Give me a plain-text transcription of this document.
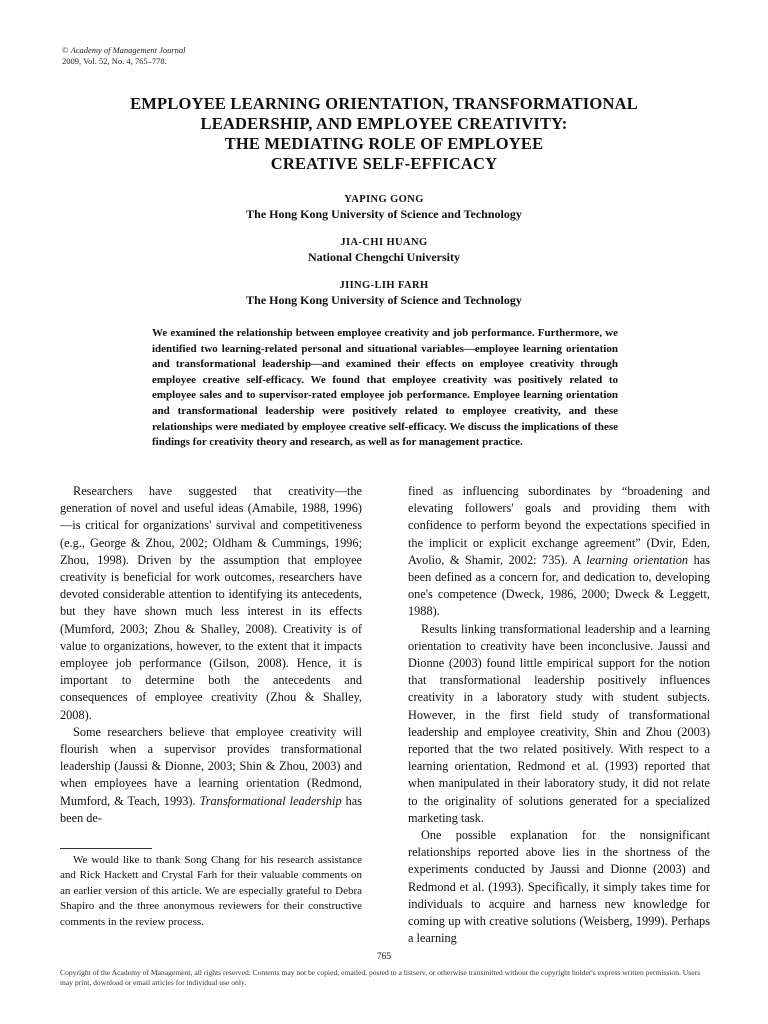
© Academy of Management Journal
2009, Vol. 52, No. 4, 765–778.
EMPLOYEE LEARNING ORIENTATION, TRANSFORMATIONAL
LEADERSHIP, AND EMPLOYEE CREATIVITY:
THE MEDIATING ROLE OF EMPLOYEE
CREATIVE SELF-EFFICACY
YAPING GONG
The Hong Kong University of Science and Technology
JIA-CHI HUANG
National Chengchi University
JIING-LIH FARH
The Hong Kong University of Science and Technology
We examined the relationship between employee creativity and job performance. Furthermore, we identified two learning-related personal and situational variables—employee learning orientation and transformational leadership—and examined their effects on employee creativity through employee creative self-efficacy. We found that employee creativity was positively related to employee sales and to supervisor-rated employee job performance. Employee learning orientation and transformational leadership were positively related to employee creativity, and these relationships were mediated by employee creative self-efficacy. We discuss the implications of these findings for creativity theory and research, as well as for management practice.

Researchers have suggested that creativity—the generation of novel and useful ideas (Amabile, 1988, 1996)—is critical for organizations' survival and competitiveness (e.g., George & Zhou, 2002; Oldham & Cummings, 1996; Zhou, 1998). Driven by the assumption that employee creativity is beneficial for work outcomes, researchers have devoted considerable attention to identifying its antecedents, but they have shown much less interest in its effects (Mumford, 2003; Zhou & Shalley, 2008). Creativity is of value to organizations, however, to the extent that it impacts employee job performance (Gilson, 2008). Hence, it is important to determine both the antecedents and consequences of employee creativity (Zhou & Shalley, 2008).

Some researchers believe that employee creativity will flourish when a supervisor provides transformational leadership (Jaussi & Dionne, 2003; Shin & Zhou, 2003) and when employees have a learning orientation (Redmond, Mumford, & Teach, 1993). Transformational leadership has been de-

fined as influencing subordinates by “broadening and elevating followers' goals and providing them with confidence to perform beyond the expectations specified in the implicit or explicit exchange agreement” (Dvir, Eden, Avolio, & Shamir, 2002: 735). A learning orientation has been defined as a concern for, and dedication to, developing one's competence (Dweck, 1986, 2000; Dweck & Leggett, 1988).

Results linking transformational leadership and a learning orientation to creativity have been inconclusive. Jaussi and Dionne (2003) found little empirical support for the notion that transformational leadership positively influences creativity in a laboratory study with student subjects. However, in the first field study of transformational leadership and employee creativity, Shin and Zhou (2003) reported that the two related positively. With respect to a learning orientation, Redmond et al. (1993) reported that when manipulated in their laboratory study, it did not relate to the originality of solutions generated for a specialized marketing task.

One possible explanation for the nonsignificant relationships reported above lies in the shortness of the experiments conducted by Jaussi and Dionne (2003) and Redmond et al. (1993). Specifically, it simply takes time for individuals to acquire and harness new knowledge for coming up with creative solutions (Weisberg, 1999). Perhaps a learning

We would like to thank Song Chang for his research assistance and Rick Hackett and Crystal Farh for their valuable comments on an earlier version of this article. We are especially grateful to Debra Shapiro and the three anonymous reviewers for their constructive comments in the review process.

765
Copyright of the Academy of Management, all rights reserved. Contents may not be copied, emailed, posted to a listserv, or otherwise transmitted without the copyright holder's express written permission. Users may print, download or email articles for individual use only.
